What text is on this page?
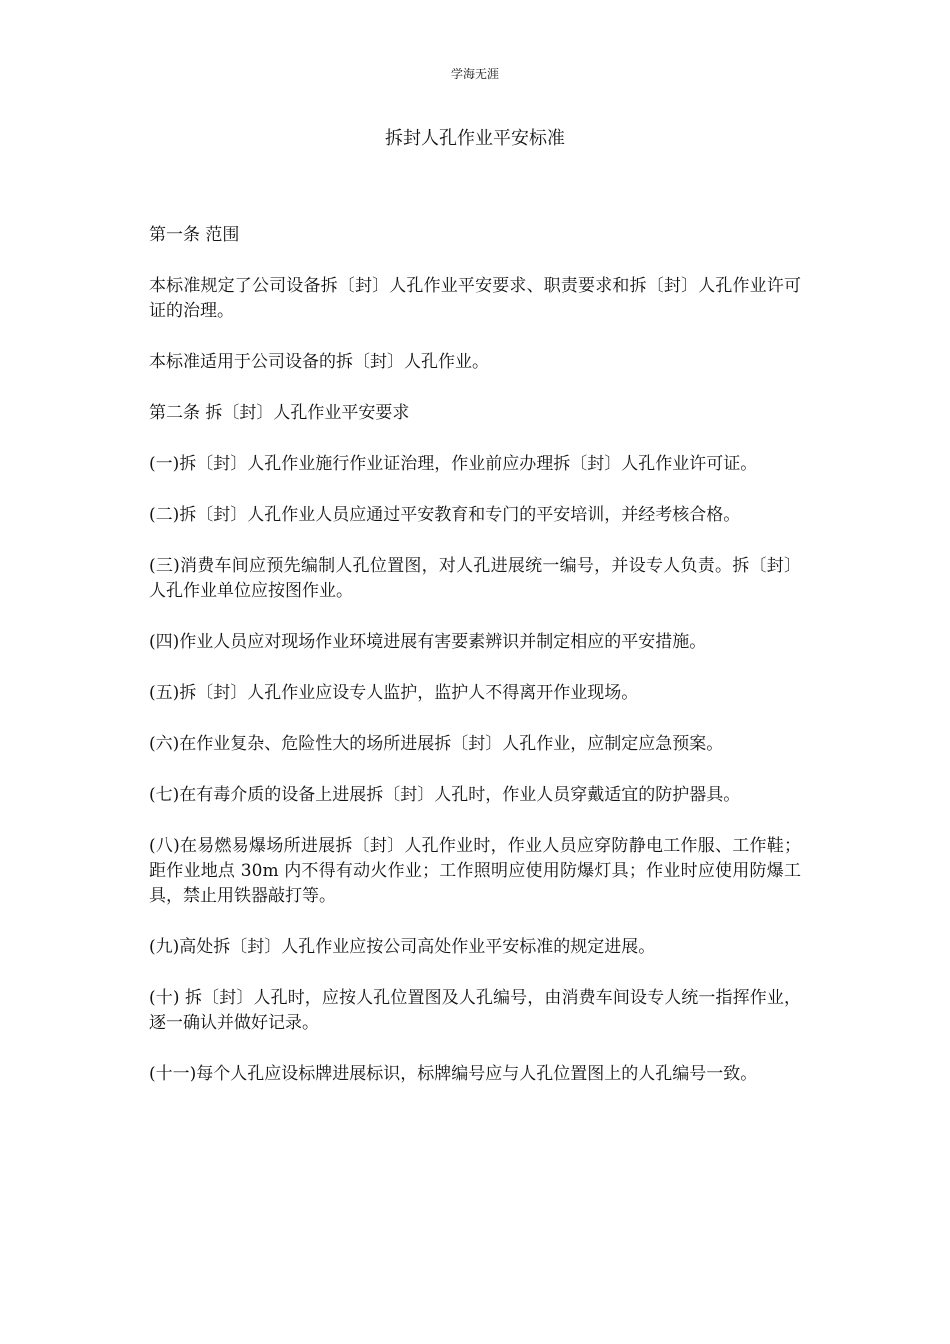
学海无涯
拆封人孔作业平安标准

第一条 范围

本标准规定了公司设备拆〔封〕人孔作业平安要求、职责要求和拆〔封〕人孔作业许可证的治理。

本标准适用于公司设备的拆〔封〕人孔作业。

第二条 拆〔封〕人孔作业平安要求

(一)拆〔封〕人孔作业施行作业证治理，作业前应办理拆〔封〕人孔作业许可证。

(二)拆〔封〕人孔作业人员应通过平安教育和专门的平安培训，并经考核合格。

(三)消费车间应预先编制人孔位置图，对人孔进展统一编号，并设专人负责。拆〔封〕人孔作业单位应按图作业。

(四)作业人员应对现场作业环境进展有害要素辨识并制定相应的平安措施。

(五)拆〔封〕人孔作业应设专人监护，监护人不得离开作业现场。

(六)在作业复杂、危险性大的场所进展拆〔封〕人孔作业，应制定应急预案。

(七)在有毒介质的设备上进展拆〔封〕人孔时，作业人员穿戴适宜的防护器具。

(八)在易燃易爆场所进展拆〔封〕人孔作业时，作业人员应穿防静电工作服、工作鞋；距作业地点 30m 内不得有动火作业；工作照明应使用防爆灯具；作业时应使用防爆工具，禁止用铁器敲打等。

(九)高处拆〔封〕人孔作业应按公司高处作业平安标准的规定进展。

(十) 拆〔封〕人孔时，应按人孔位置图及人孔编号，由消费车间设专人统一指挥作业，逐一确认并做好记录。

(十一)每个人孔应设标牌进展标识，标牌编号应与人孔位置图上的人孔编号一致。
